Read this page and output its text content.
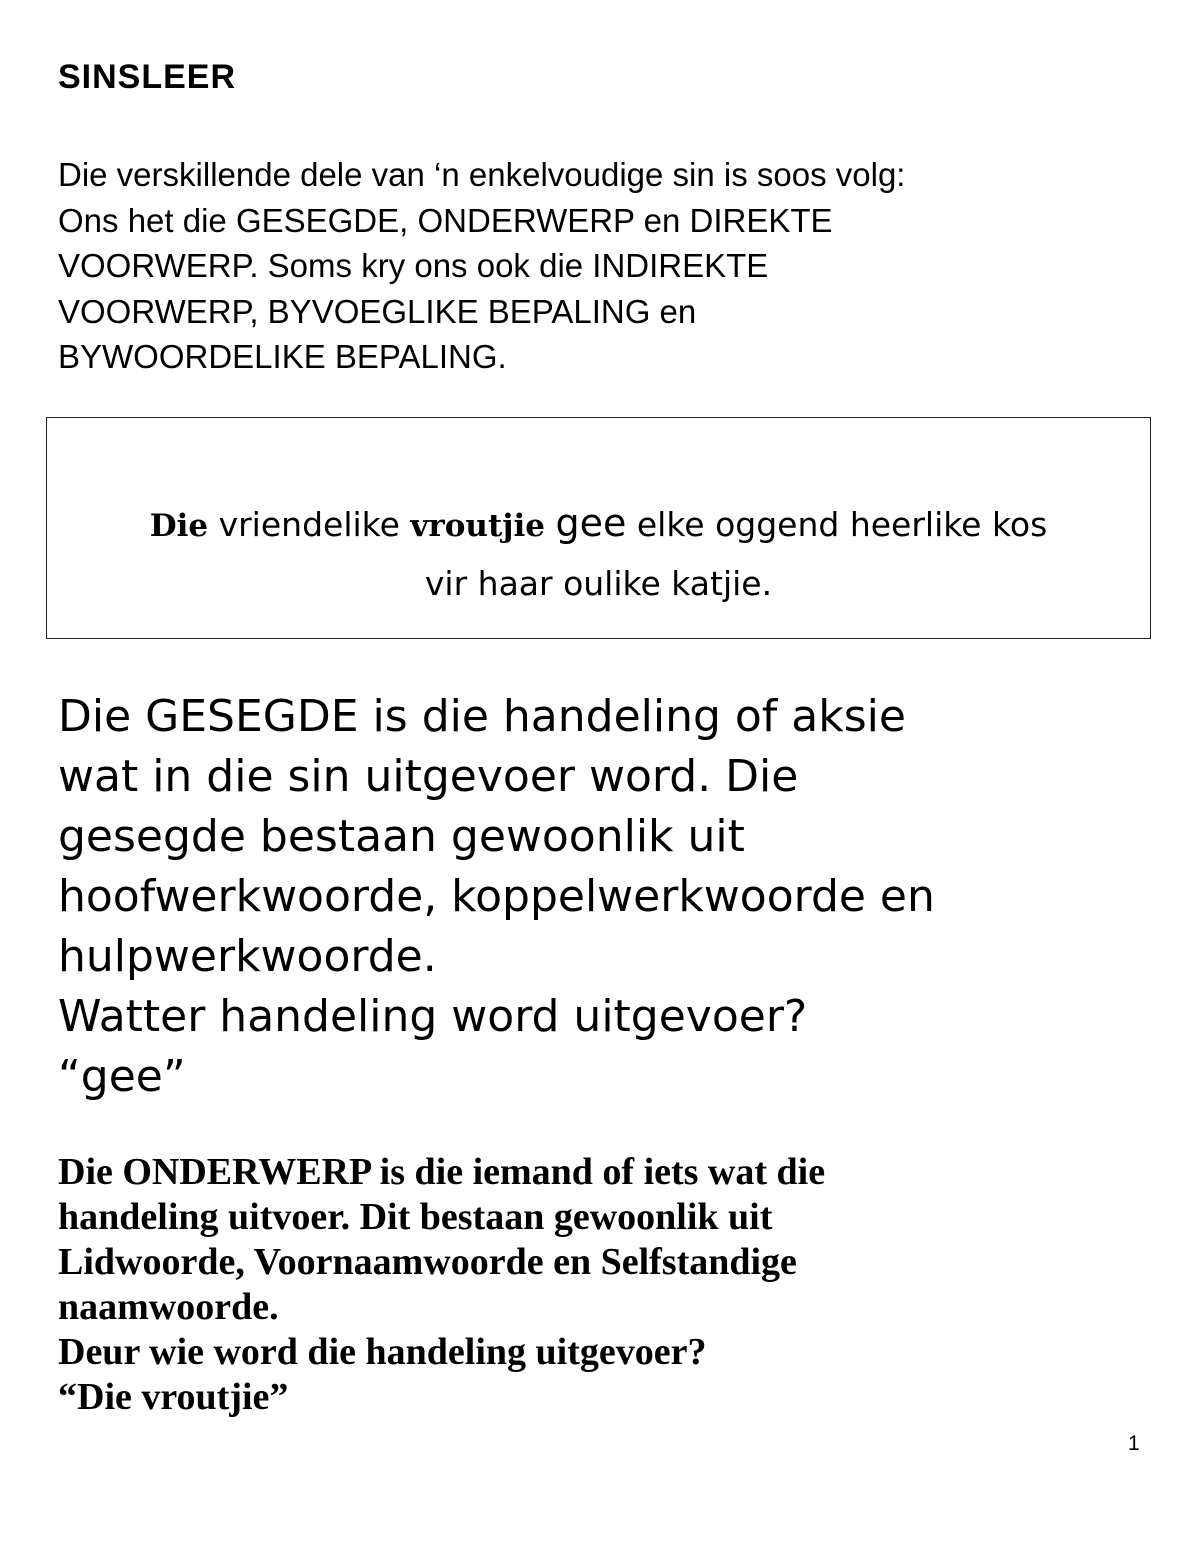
SINSLEER
Die verskillende dele van ‘n enkelvoudige sin is soos volg:
Ons het die GESEGDE, ONDERWERP en DIREKTE
VOORWERP. Soms kry ons ook die INDIREKTE
VOORWERP, BYVOEGLIKE BEPALING en
BYWOORDELIKE BEPALING.
Die vriendelike vroutjie gee elke oggend heerlike kos
vir haar oulike katjie.
Die GESEGDE is die handeling of aksie
wat in die sin uitgevoer word. Die
gesegde bestaan gewoonlik uit
hoofwerkwoorde, koppelwerkwoorde en
hulpwerkwoorde.
Watter handeling word uitgevoer?
“gee”
Die ONDERWERP is die iemand of iets wat die
handeling uitvoer. Dit bestaan gewoonlik uit
Lidwoorde, Voornaamwoorde en Selfstandige
naamwoorde.
Deur wie word die handeling uitgevoer?
“Die vroutjie”
1
